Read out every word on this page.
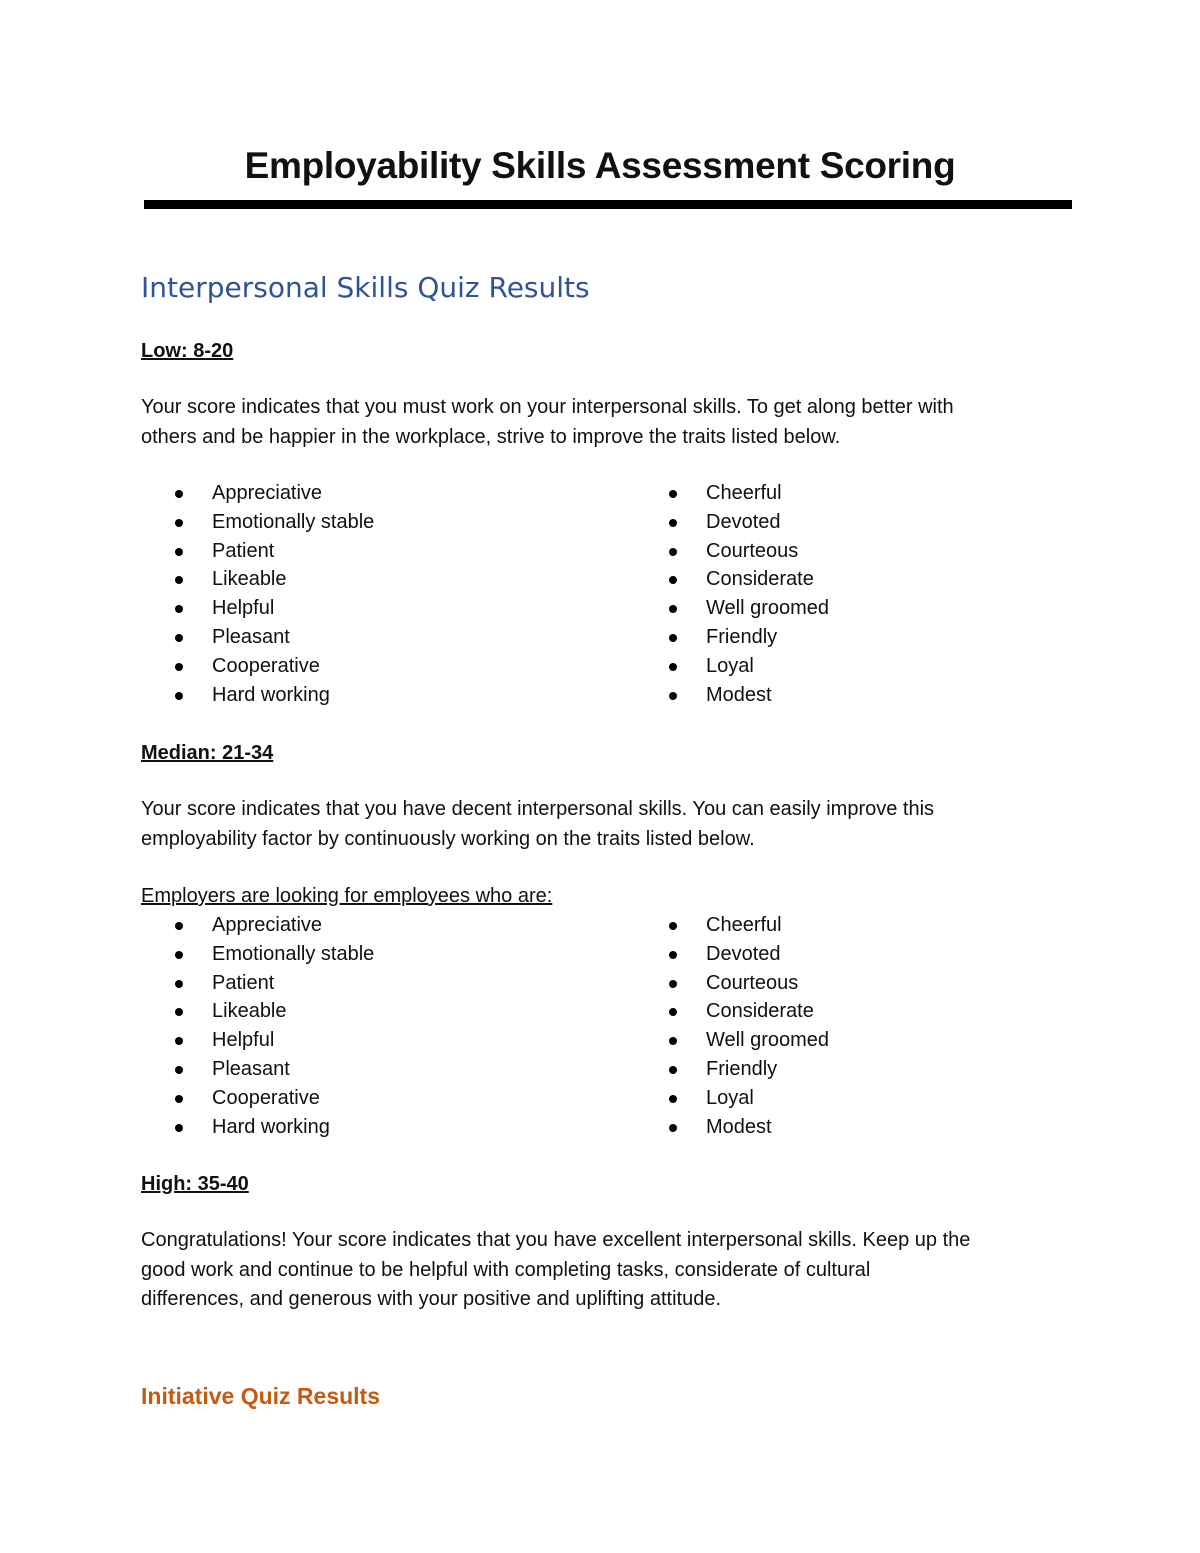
Employability Skills Assessment Scoring
Interpersonal Skills Quiz Results
Low: 8-20
Your score indicates that you must work on your interpersonal skills. To get along better with
others and be happier in the workplace, strive to improve the traits listed below.
Appreciative
Emotionally stable
Patient
Likeable
Helpful
Pleasant
Cooperative
Hard working
Cheerful
Devoted
Courteous
Considerate
Well groomed
Friendly
Loyal
Modest
Median: 21-34
Your score indicates that you have decent interpersonal skills. You can easily improve this
employability factor by continuously working on the traits listed below.
Employers are looking for employees who are:
Appreciative
Emotionally stable
Patient
Likeable
Helpful
Pleasant
Cooperative
Hard working
Cheerful
Devoted
Courteous
Considerate
Well groomed
Friendly
Loyal
Modest
High: 35-40
Congratulations! Your score indicates that you have excellent interpersonal skills. Keep up the
good work and continue to be helpful with completing tasks, considerate of cultural
differences, and generous with your positive and uplifting attitude.
Initiative Quiz Results
